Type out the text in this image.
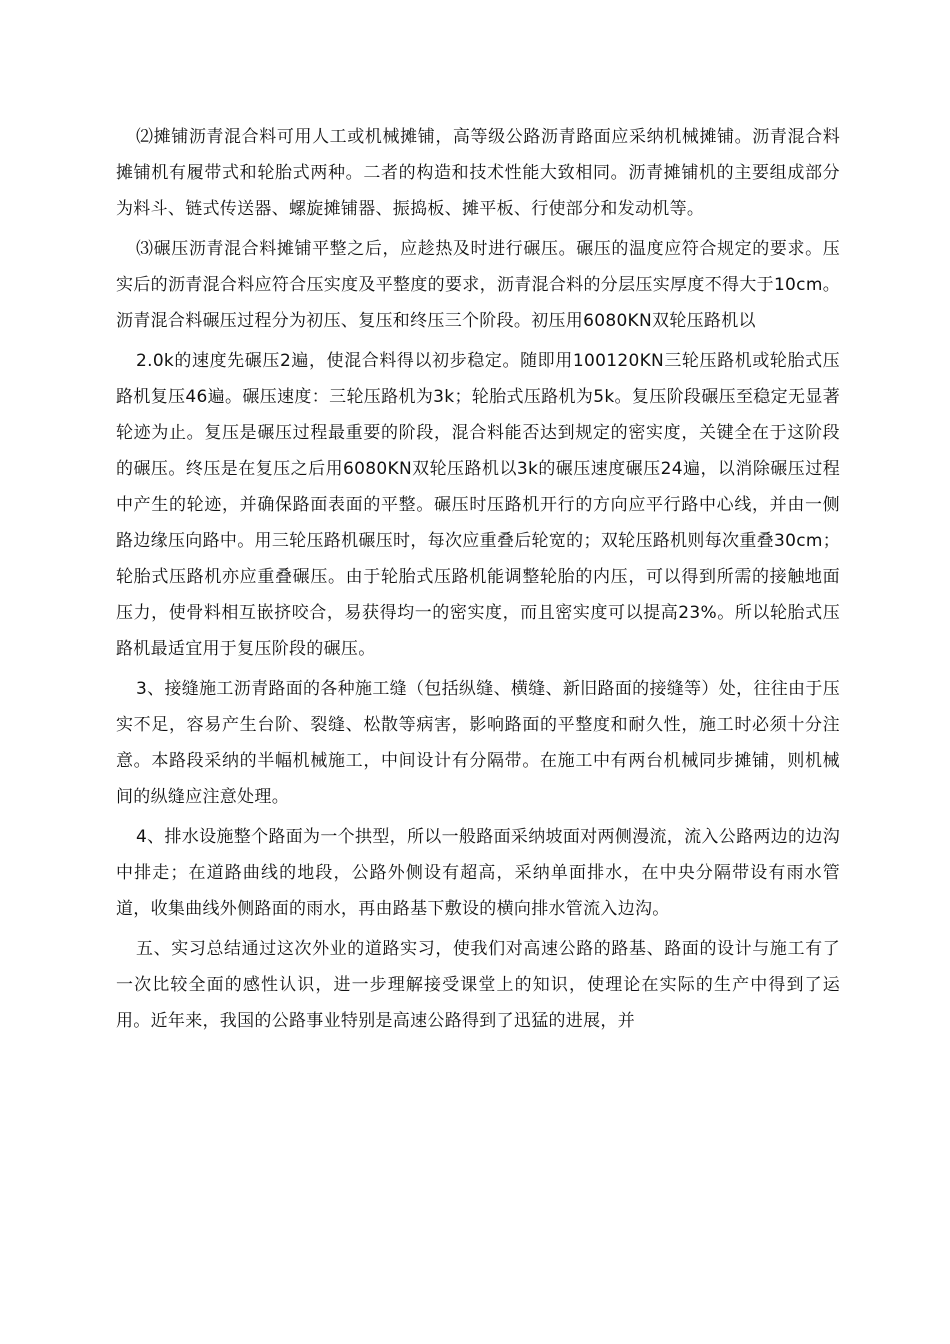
⑵摊铺沥青混合料可用人工或机械摊铺，高等级公路沥青路面应采纳机械摊铺。沥青混合料摊铺机有履带式和轮胎式两种。二者的构造和技术性能大致相同。沥青摊铺机的主要组成部分为料斗、链式传送器、螺旋摊铺器、振捣板、摊平板、行使部分和发动机等。

⑶碾压沥青混合料摊铺平整之后，应趁热及时进行碾压。碾压的温度应符合规定的要求。压实后的沥青混合料应符合压实度及平整度的要求，沥青混合料的分层压实厚度不得大于10cm。沥青混合料碾压过程分为初压、复压和终压三个阶段。初压用6080KN双轮压路机以

2.0k的速度先碾压2遍，使混合料得以初步稳定。随即用100120KN三轮压路机或轮胎式压路机复压46遍。碾压速度：三轮压路机为3k；轮胎式压路机为5k。复压阶段碾压至稳定无显著轮迹为止。复压是碾压过程最重要的阶段，混合料能否达到规定的密实度，关键全在于这阶段的碾压。终压是在复压之后用6080KN双轮压路机以3k的碾压速度碾压24遍，以消除碾压过程中产生的轮迹，并确保路面表面的平整。碾压时压路机开行的方向应平行路中心线，并由一侧路边缘压向路中。用三轮压路机碾压时，每次应重叠后轮宽的；双轮压路机则每次重叠30cm；轮胎式压路机亦应重叠碾压。由于轮胎式压路机能调整轮胎的内压，可以得到所需的接触地面压力，使骨料相互嵌挤咬合，易获得均一的密实度，而且密实度可以提高23%。所以轮胎式压路机最适宜用于复压阶段的碾压。

3、接缝施工沥青路面的各种施工缝（包括纵缝、横缝、新旧路面的接缝等）处，往往由于压实不足，容易产生台阶、裂缝、松散等病害，影响路面的平整度和耐久性，施工时必须十分注意。本路段采纳的半幅机械施工，中间设计有分隔带。在施工中有两台机械同步摊铺，则机械间的纵缝应注意处理。

4、排水设施整个路面为一个拱型，所以一般路面采纳坡面对两侧漫流，流入公路两边的边沟中排走；在道路曲线的地段，公路外侧设有超高，采纳单面排水，在中央分隔带设有雨水管道，收集曲线外侧路面的雨水，再由路基下敷设的横向排水管流入边沟。

五、实习总结通过这次外业的道路实习，使我们对高速公路的路基、路面的设计与施工有了一次比较全面的感性认识，进一步理解接受课堂上的知识，使理论在实际的生产中得到了运用。近年来，我国的公路事业特别是高速公路得到了迅猛的进展，并
